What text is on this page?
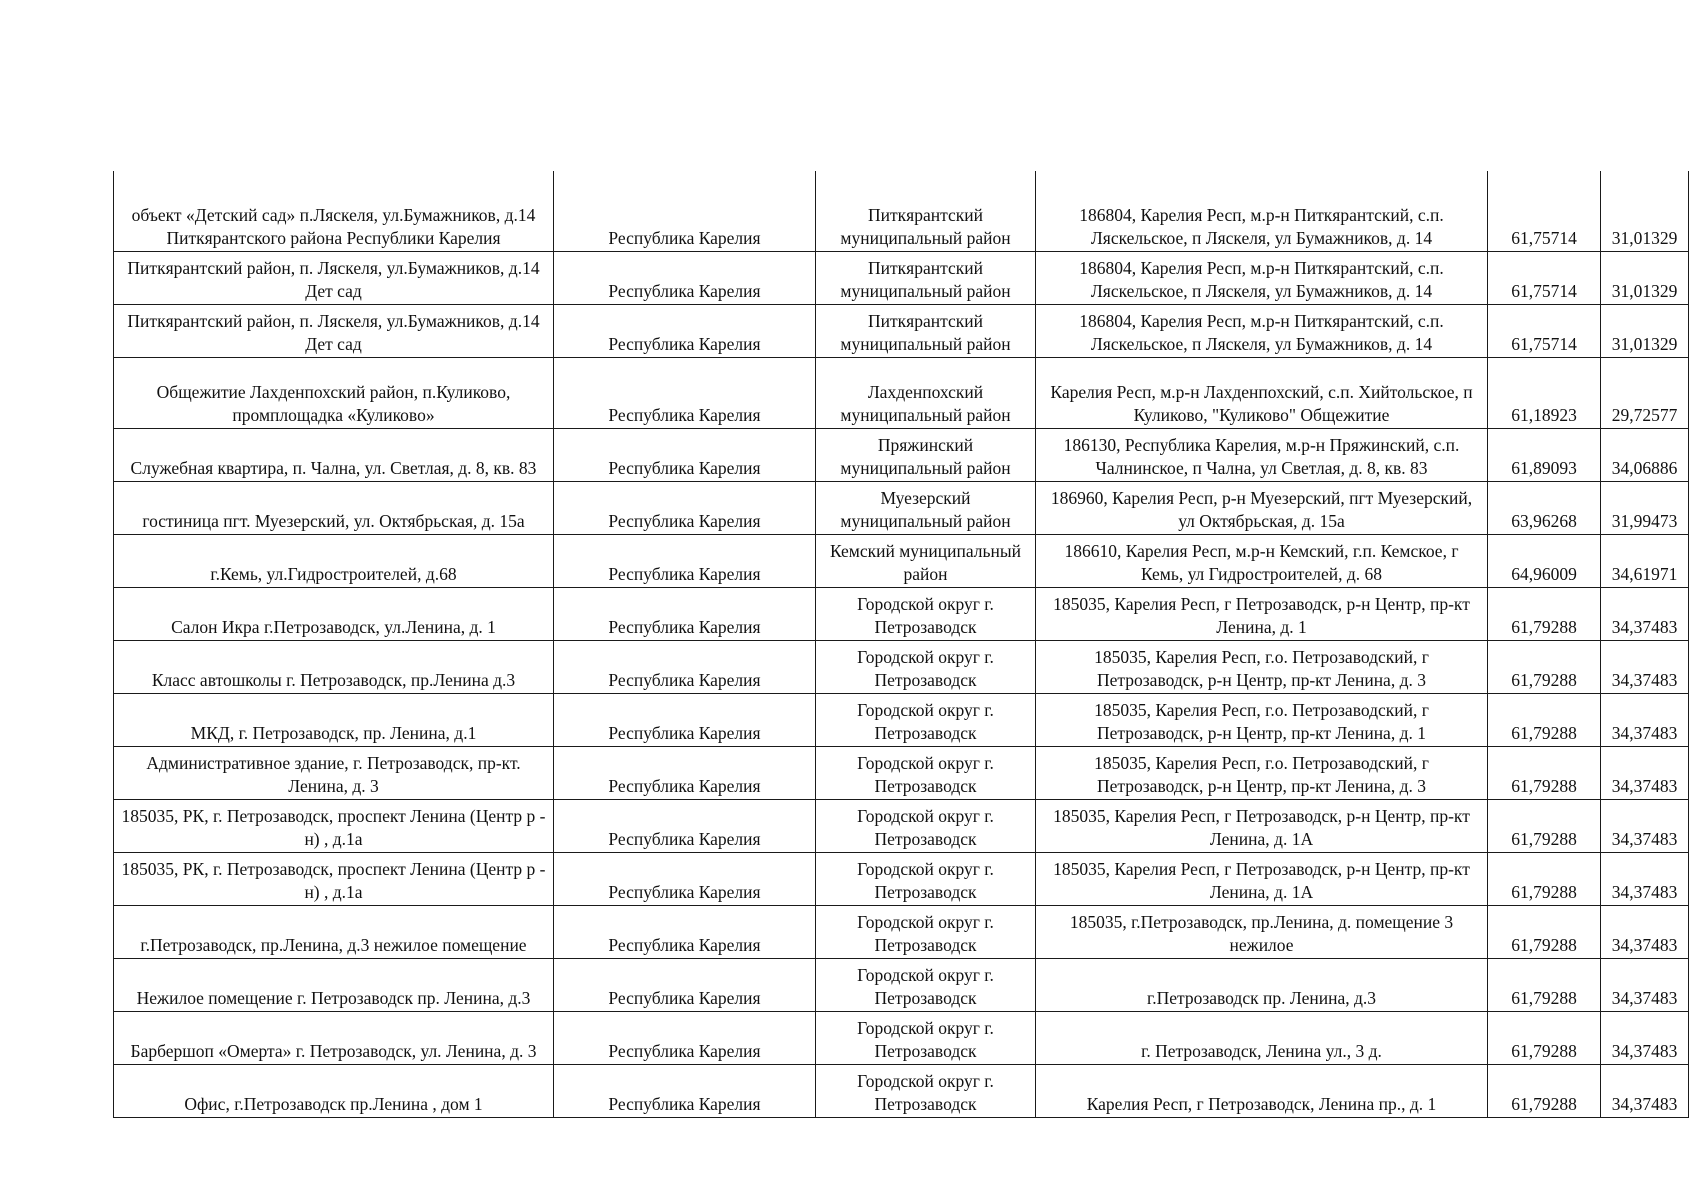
объект «Детский сад» п.Ляскеля, ул.Бумажников, д.14 Питкярантского района Республики Карелия	Республика Карелия	Питкярантский муниципальный район	186804, Карелия Респ, м.р-н Питкярантский, с.п. Ляскельское, п Ляскеля, ул Бумажников, д. 14	61,75714	31,01329
Питкярантский район, п. Ляскеля, ул.Бумажников, д.14 Дет сад	Республика Карелия	Питкярантский муниципальный район	186804, Карелия Респ, м.р-н Питкярантский, с.п. Ляскельское, п Ляскеля, ул Бумажников, д. 14	61,75714	31,01329
Питкярантский район, п. Ляскеля, ул.Бумажников, д.14 Дет сад	Республика Карелия	Питкярантский муниципальный район	186804, Карелия Респ, м.р-н Питкярантский, с.п. Ляскельское, п Ляскеля, ул Бумажников, д. 14	61,75714	31,01329
Общежитие Лахденпохский район, п.Куликово, промплощадка «Куликово»	Республика Карелия	Лахденпохский муниципальный район	Карелия Респ, м.р-н Лахденпохский, с.п. Хийтольское, п Куликово, "Куликово" Общежитие	61,18923	29,72577
Служебная квартира, п. Чална, ул. Светлая, д. 8, кв. 83	Республика Карелия	Пряжинский муниципальный район	186130, Республика Карелия, м.р-н Пряжинский, с.п. Чалнинское, п Чална, ул Светлая, д. 8, кв. 83	61,89093	34,06886
гостиница пгт. Муезерский, ул. Октябрьская, д. 15а	Республика Карелия	Муезерский муниципальный район	186960, Карелия Респ, р-н Муезерский, пгт Муезерский, ул Октябрьская, д. 15а	63,96268	31,99473
г.Кемь, ул.Гидростроителей, д.68	Республика Карелия	Кемский муниципальный район	186610, Карелия Респ, м.р-н Кемский, г.п. Кемское, г Кемь, ул Гидростроителей, д. 68	64,96009	34,61971
Салон Икра г.Петрозаводск, ул.Ленина, д. 1	Республика Карелия	Городской округ г. Петрозаводск	185035, Карелия Респ, г Петрозаводск, р-н Центр, пр-кт Ленина, д. 1	61,79288	34,37483
Класс автошколы г. Петрозаводск, пр.Ленина д.3	Республика Карелия	Городской округ г. Петрозаводск	185035, Карелия Респ, г.о. Петрозаводский, г Петрозаводск, р-н Центр, пр-кт Ленина, д. 3	61,79288	34,37483
МКД, г. Петрозаводск, пр. Ленина, д.1	Республика Карелия	Городской округ г. Петрозаводск	185035, Карелия Респ, г.о. Петрозаводский, г Петрозаводск, р-н Центр, пр-кт Ленина, д. 1	61,79288	34,37483
Административное здание, г. Петрозаводск, пр-кт. Ленина, д. 3	Республика Карелия	Городской округ г. Петрозаводск	185035, Карелия Респ, г.о. Петрозаводский, г Петрозаводск, р-н Центр, пр-кт Ленина, д. 3	61,79288	34,37483
185035, РК, г. Петрозаводск, проспект Ленина (Центр р - н) , д.1а	Республика Карелия	Городской округ г. Петрозаводск	185035, Карелия Респ, г Петрозаводск, р-н Центр, пр-кт Ленина, д. 1А	61,79288	34,37483
185035, РК, г. Петрозаводск, проспект Ленина (Центр р - н) , д.1а	Республика Карелия	Городской округ г. Петрозаводск	185035, Карелия Респ, г Петрозаводск, р-н Центр, пр-кт Ленина, д. 1А	61,79288	34,37483
г.Петрозаводск, пр.Ленина, д.3 нежилое помещение	Республика Карелия	Городской округ г. Петрозаводск	185035, г.Петрозаводск, пр.Ленина, д. помещение 3 нежилое	61,79288	34,37483
Нежилое помещение г. Петрозаводск пр. Ленина, д.3	Республика Карелия	Городской округ г. Петрозаводск	г.Петрозаводск пр. Ленина, д.3	61,79288	34,37483
Барбершоп «Омерта» г. Петрозаводск, ул. Ленина, д. 3	Республика Карелия	Городской округ г. Петрозаводск	г. Петрозаводск, Ленина ул., 3 д.	61,79288	34,37483
Офис, г.Петрозаводск пр.Ленина , дом 1	Республика Карелия	Городской округ г. Петрозаводск	Карелия Респ, г Петрозаводск, Ленина пр., д. 1	61,79288	34,37483
